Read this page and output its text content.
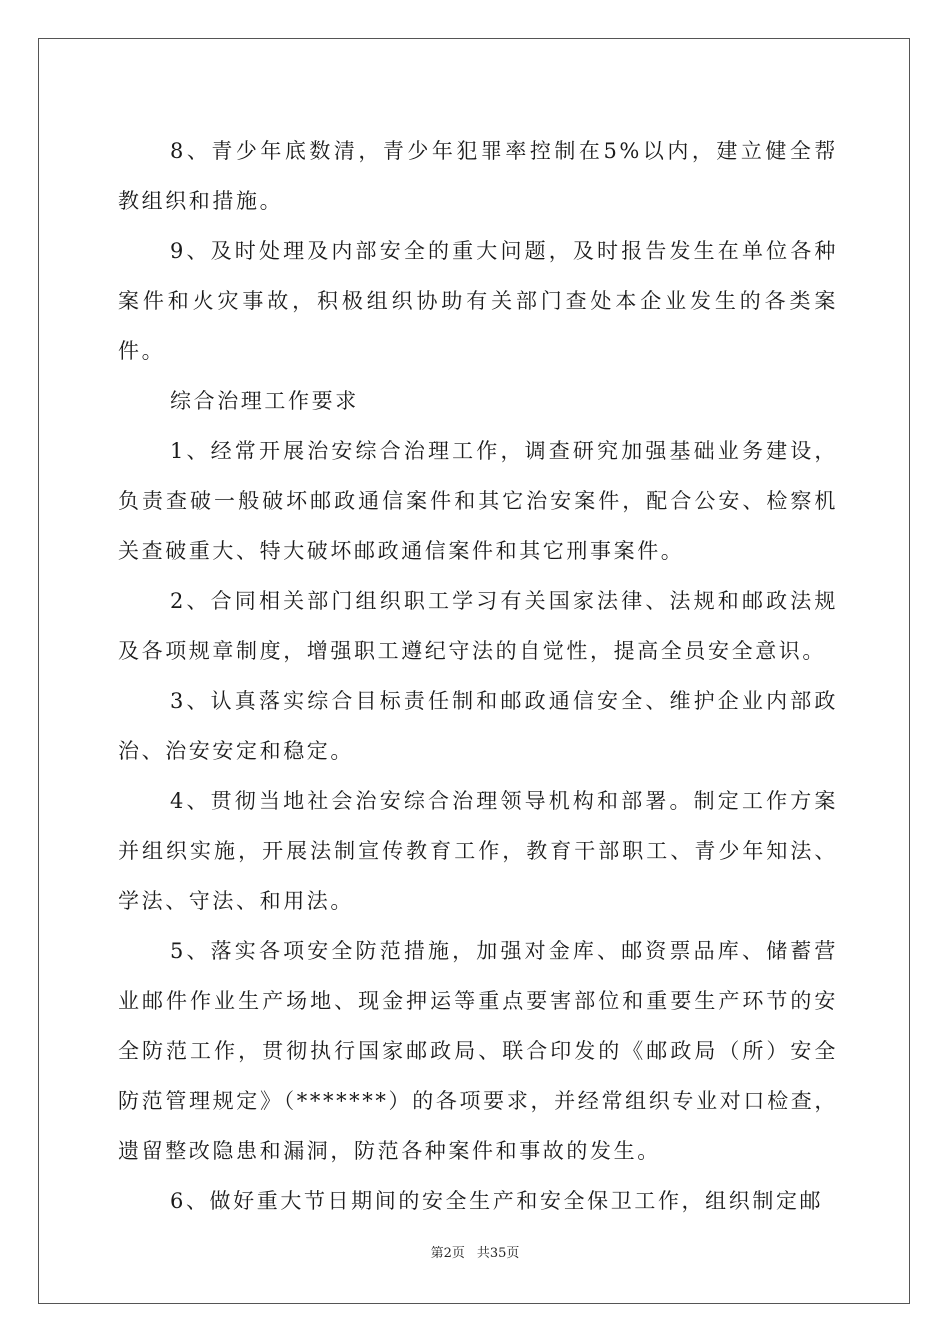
8、青少年底数清，青少年犯罪率控制在5%以内，建立健全帮教组织和措施。

9、及时处理及内部安全的重大问题，及时报告发生在单位各种案件和火灾事故，积极组织协助有关部门查处本企业发生的各类案件。

综合治理工作要求

1、经常开展治安综合治理工作，调查研究加强基础业务建设，负责查破一般破坏邮政通信案件和其它治安案件，配合公安、检察机关查破重大、特大破坏邮政通信案件和其它刑事案件。

2、合同相关部门组织职工学习有关国家法律、法规和邮政法规及各项规章制度，增强职工遵纪守法的自觉性，提高全员安全意识。

3、认真落实综合目标责任制和邮政通信安全、维护企业内部政治、治安安定和稳定。

4、贯彻当地社会治安综合治理领导机构和部署。制定工作方案并组织实施，开展法制宣传教育工作，教育干部职工、青少年知法、学法、守法、和用法。

5、落实各项安全防范措施，加强对金库、邮资票品库、储蓄营业邮件作业生产场地、现金押运等重点要害部位和重要生产环节的安全防范工作，贯彻执行国家邮政局、联合印发的《邮政局（所）安全防范管理规定》（*******）的各项要求，并经常组织专业对口检查，遗留整改隐患和漏洞，防范各种案件和事故的发生。

6、做好重大节日期间的安全生产和安全保卫工作，组织制定邮

第2页 共35页
